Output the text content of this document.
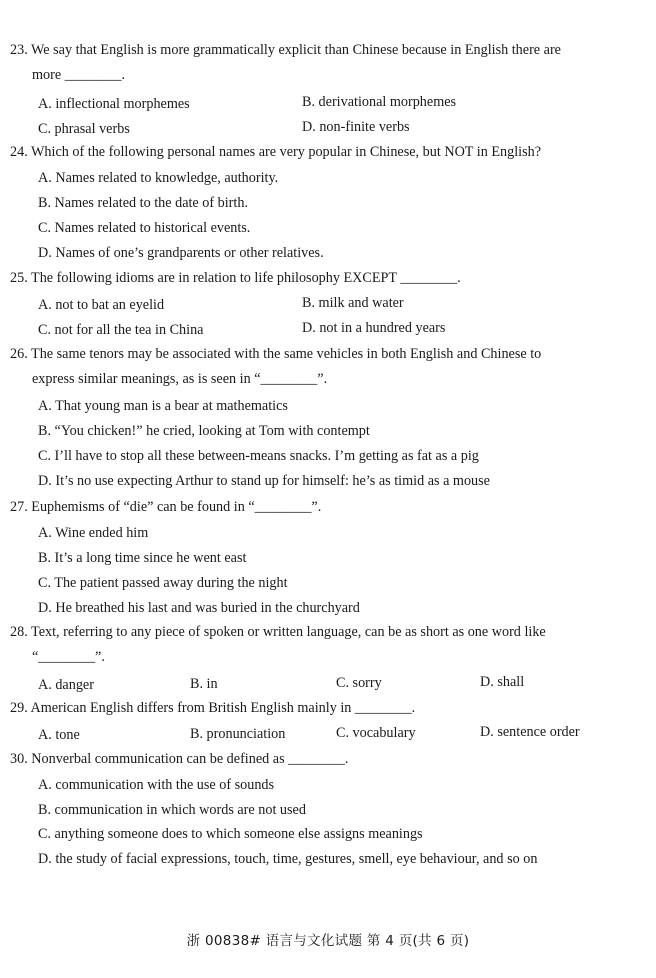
23. We say that English is more grammatically explicit than Chinese because in English there are
more ________.
A. inflectional morphemes	B. derivational morphemes
C. phrasal verbs	D. non-finite verbs
24. Which of the following personal names are very popular in Chinese, but NOT in English?
A. Names related to knowledge, authority.
B. Names related to the date of birth.
C. Names related to historical events.
D. Names of one’s grandparents or other relatives.
25. The following idioms are in relation to life philosophy EXCEPT ________.
A. not to bat an eyelid	B. milk and water
C. not for all the tea in China	D. not in a hundred years
26. The same tenors may be associated with the same vehicles in both English and Chinese to
express similar meanings, as is seen in “________”.
A. That young man is a bear at mathematics
B. “You chicken!” he cried, looking at Tom with contempt
C. I’ll have to stop all these between-means snacks. I’m getting as fat as a pig
D. It’s no use expecting Arthur to stand up for himself: he’s as timid as a mouse
27. Euphemisms of “die” can be found in “________”.
A. Wine ended him
B. It’s a long time since he went east
C. The patient passed away during the night
D. He breathed his last and was buried in the churchyard
28. Text, referring to any piece of spoken or written language, can be as short as one word like
“________”.
A. danger	B. in	C. sorry	D. shall
29. American English differs from British English mainly in ________.
A. tone	B. pronunciation	C. vocabulary	D. sentence order
30. Nonverbal communication can be defined as ________.
A. communication with the use of sounds
B. communication in which words are not used
C. anything someone does to which someone else assigns meanings
D. the study of facial expressions, touch, time, gestures, smell, eye behaviour, and so on
浙 00838# 语言与文化试题 第 4 页(共 6 页)
